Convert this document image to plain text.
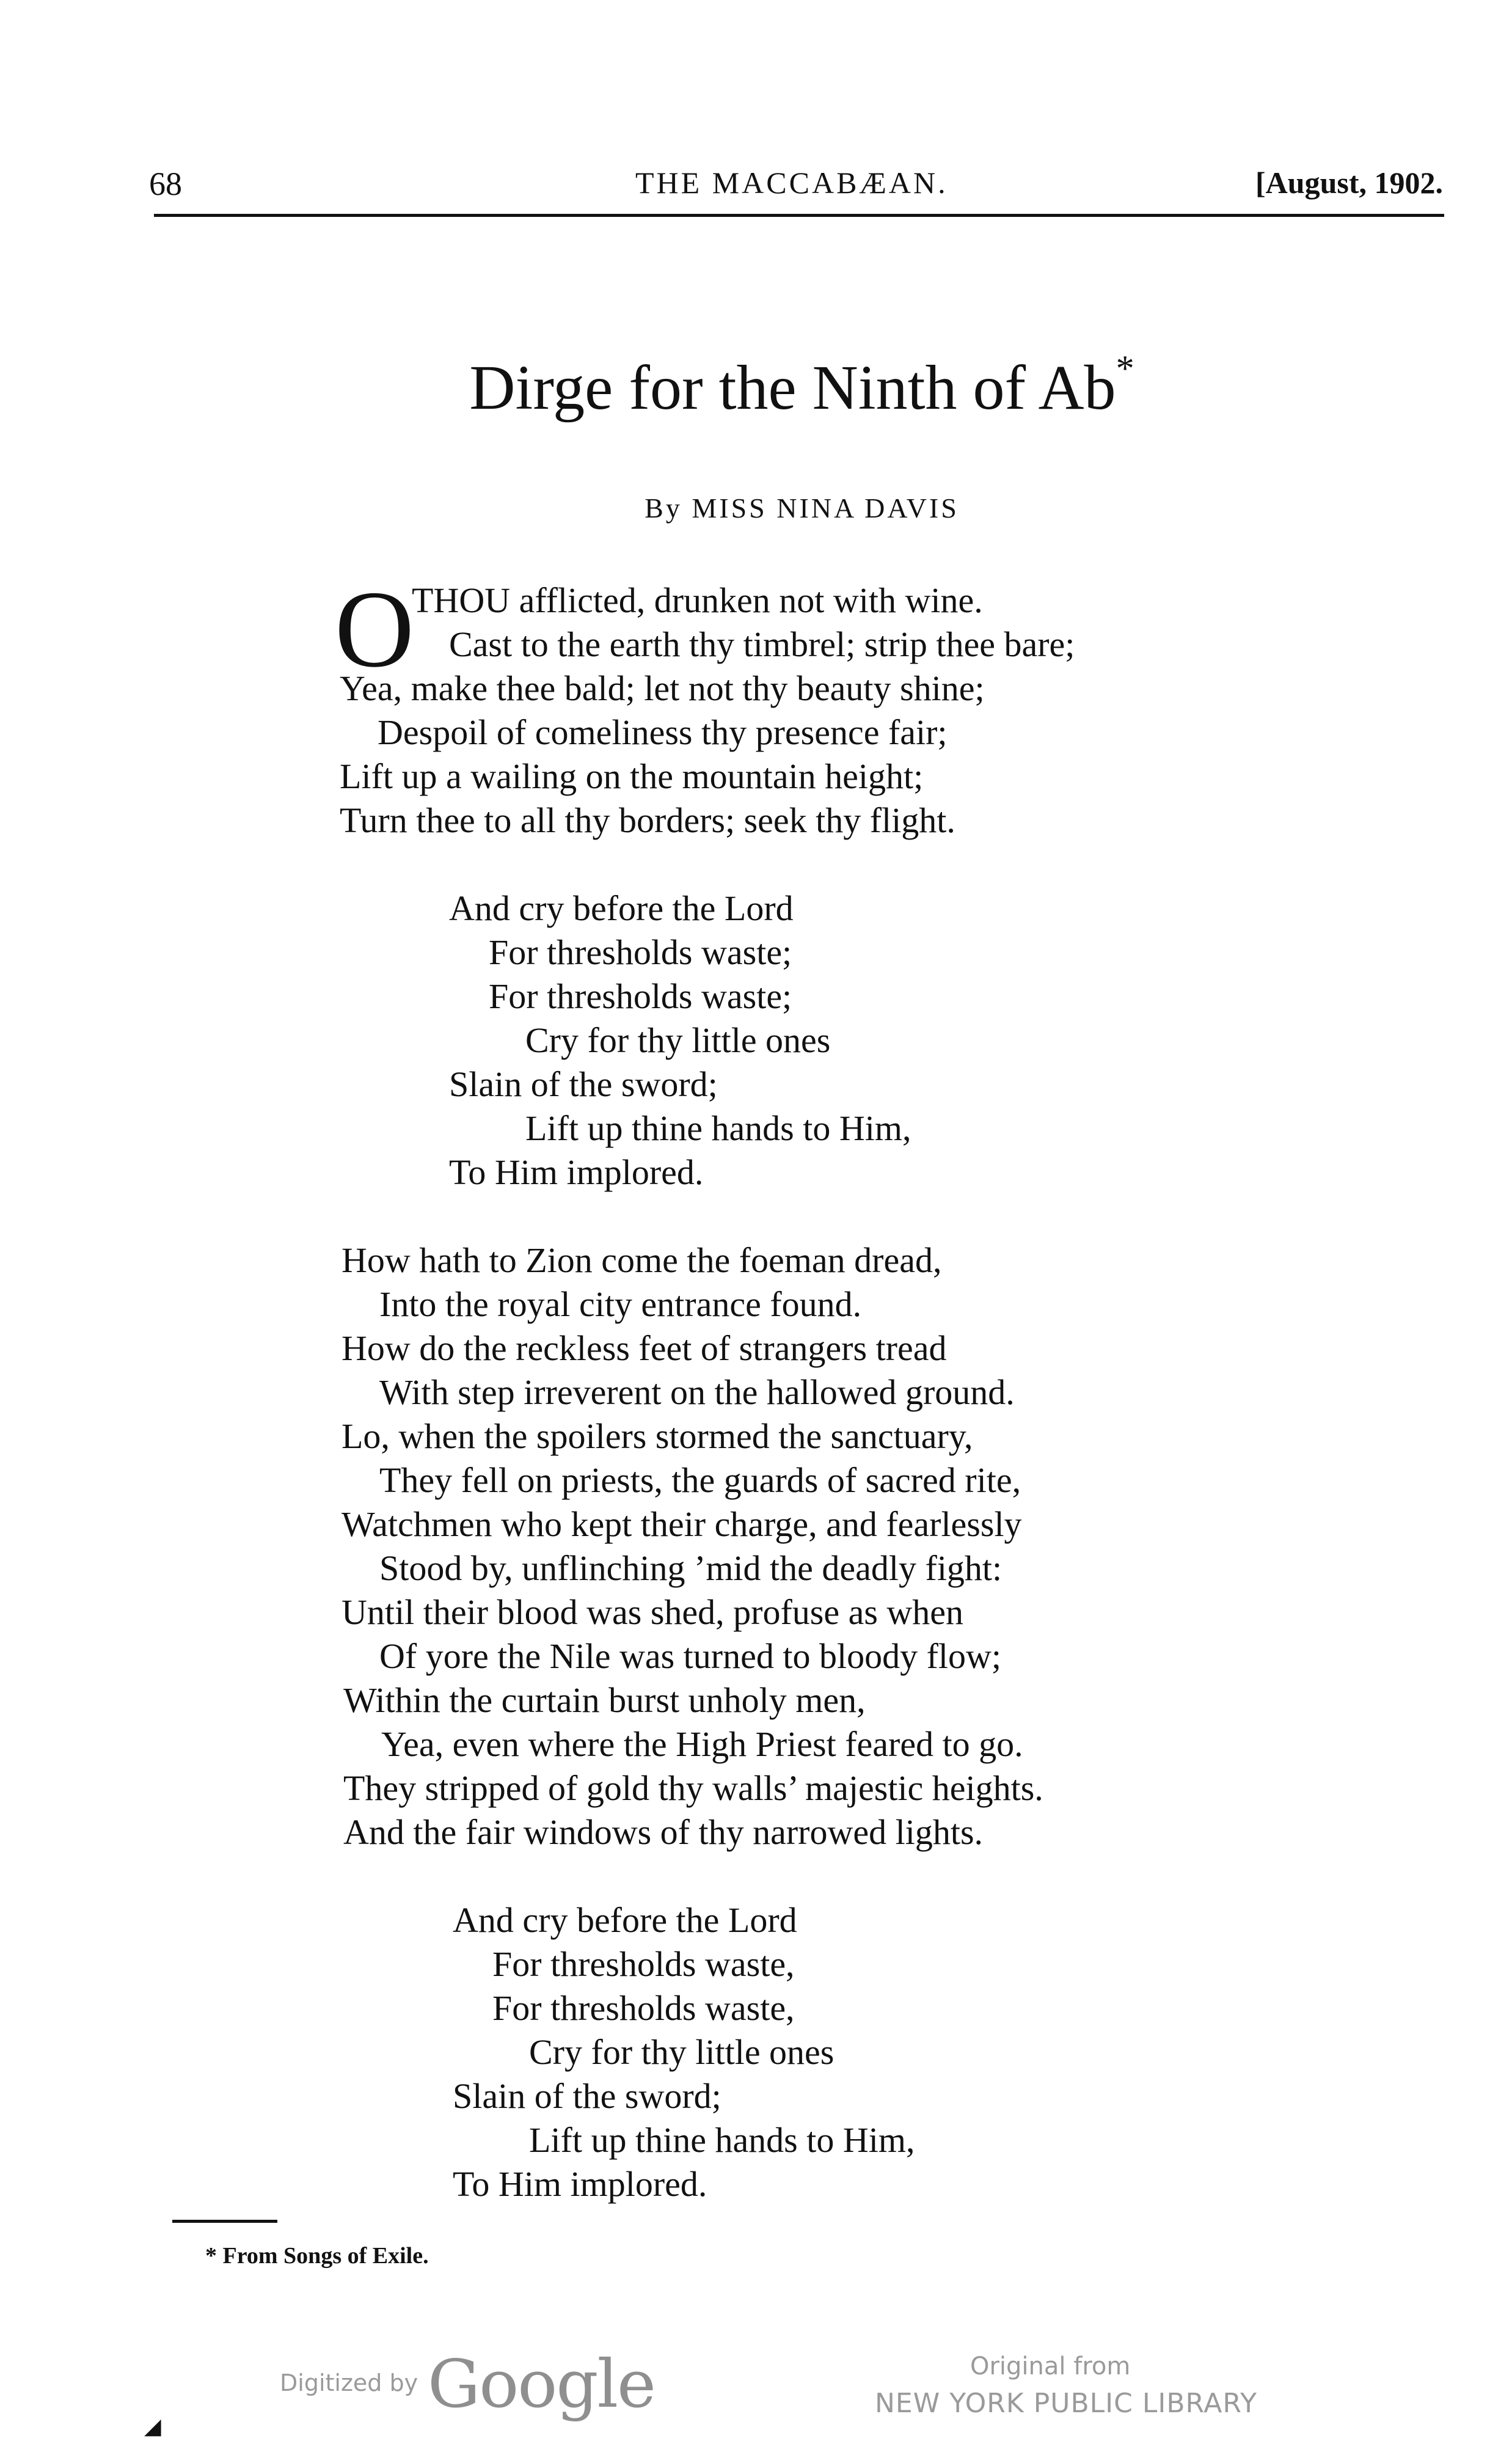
68	THE MACCABÆAN.	[August, 1902.
Dirge for the Ninth of Ab*
By MISS NINA DAVIS
O
THOU afflicted, drunken not with wine.
Cast to the earth thy timbrel; strip thee bare;
Yea, make thee bald; let not thy beauty shine;
Despoil of comeliness thy presence fair;
Lift up a wailing on the mountain height;
Turn thee to all thy borders; seek thy flight.
And cry before the Lord
For thresholds waste;
For thresholds waste;
Cry for thy little ones
Slain of the sword;
Lift up thine hands to Him,
To Him implored.
How hath to Zion come the foeman dread,
Into the royal city entrance found.
How do the reckless feet of strangers tread
With step irreverent on the hallowed ground.
Lo, when the spoilers stormed the sanctuary,
They fell on priests, the guards of sacred rite,
Watchmen who kept their charge, and fearlessly
Stood by, unflinching ’mid the deadly fight:
Until their blood was shed, profuse as when
Of yore the Nile was turned to bloody flow;
Within the curtain burst unholy men,
Yea, even where the High Priest feared to go.
They stripped of gold thy walls’ majestic heights.
And the fair windows of thy narrowed lights.
And cry before the Lord
For thresholds waste,
For thresholds waste,
Cry for thy little ones
Slain of the sword;
Lift up thine hands to Him,
To Him implored.
* From Songs of Exile.
Digitized by Google	Original from
NEW YORK PUBLIC LIBRARY
◢
